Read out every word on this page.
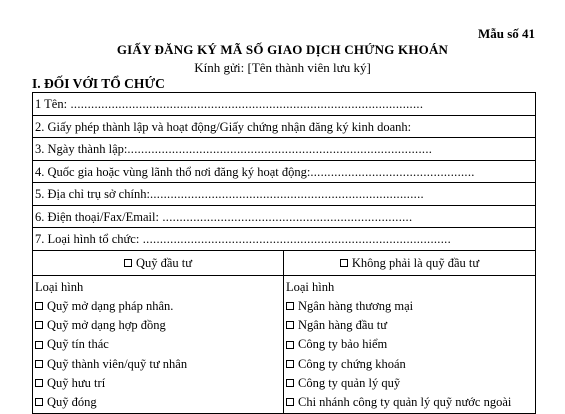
Mẫu số 41
GIẤY ĐĂNG KÝ MÃ SỐ GIAO DỊCH CHỨNG KHOÁN
Kính gửi: [Tên thành viên lưu ký]
I. ĐỐI VỚI TỔ CHỨC
1 Tên: .......................................................................................................
2. Giấy phép thành lập và hoạt động/Giấy chứng nhận đăng ký kinh doanh:
3. Ngày thành lập:.........................................................................................
4. Quốc gia hoặc vùng lãnh thổ nơi đăng ký hoạt động:................................................
5. Địa chỉ trụ sở chính:................................................................................
6. Điện thoại/Fax/Email: .........................................................................
7. Loại hình tổ chức: ..........................................................................................
Quỹ đầu tư
Loại hình
Quỹ mở dạng pháp nhân.
Quỹ mở dạng hợp đồng
Quỹ tín thác
Quỹ thành viên/quỹ tư nhân
Quỹ hưu trí
Quỹ đóng
Không phải là quỹ đầu tư
Loại hình
Ngân hàng thương mại
Ngân hàng đầu tư
Công ty bảo hiểm
Công ty chứng khoán
Công ty quản lý quỹ
Chi nhánh công ty quản lý quỹ nước ngoài
